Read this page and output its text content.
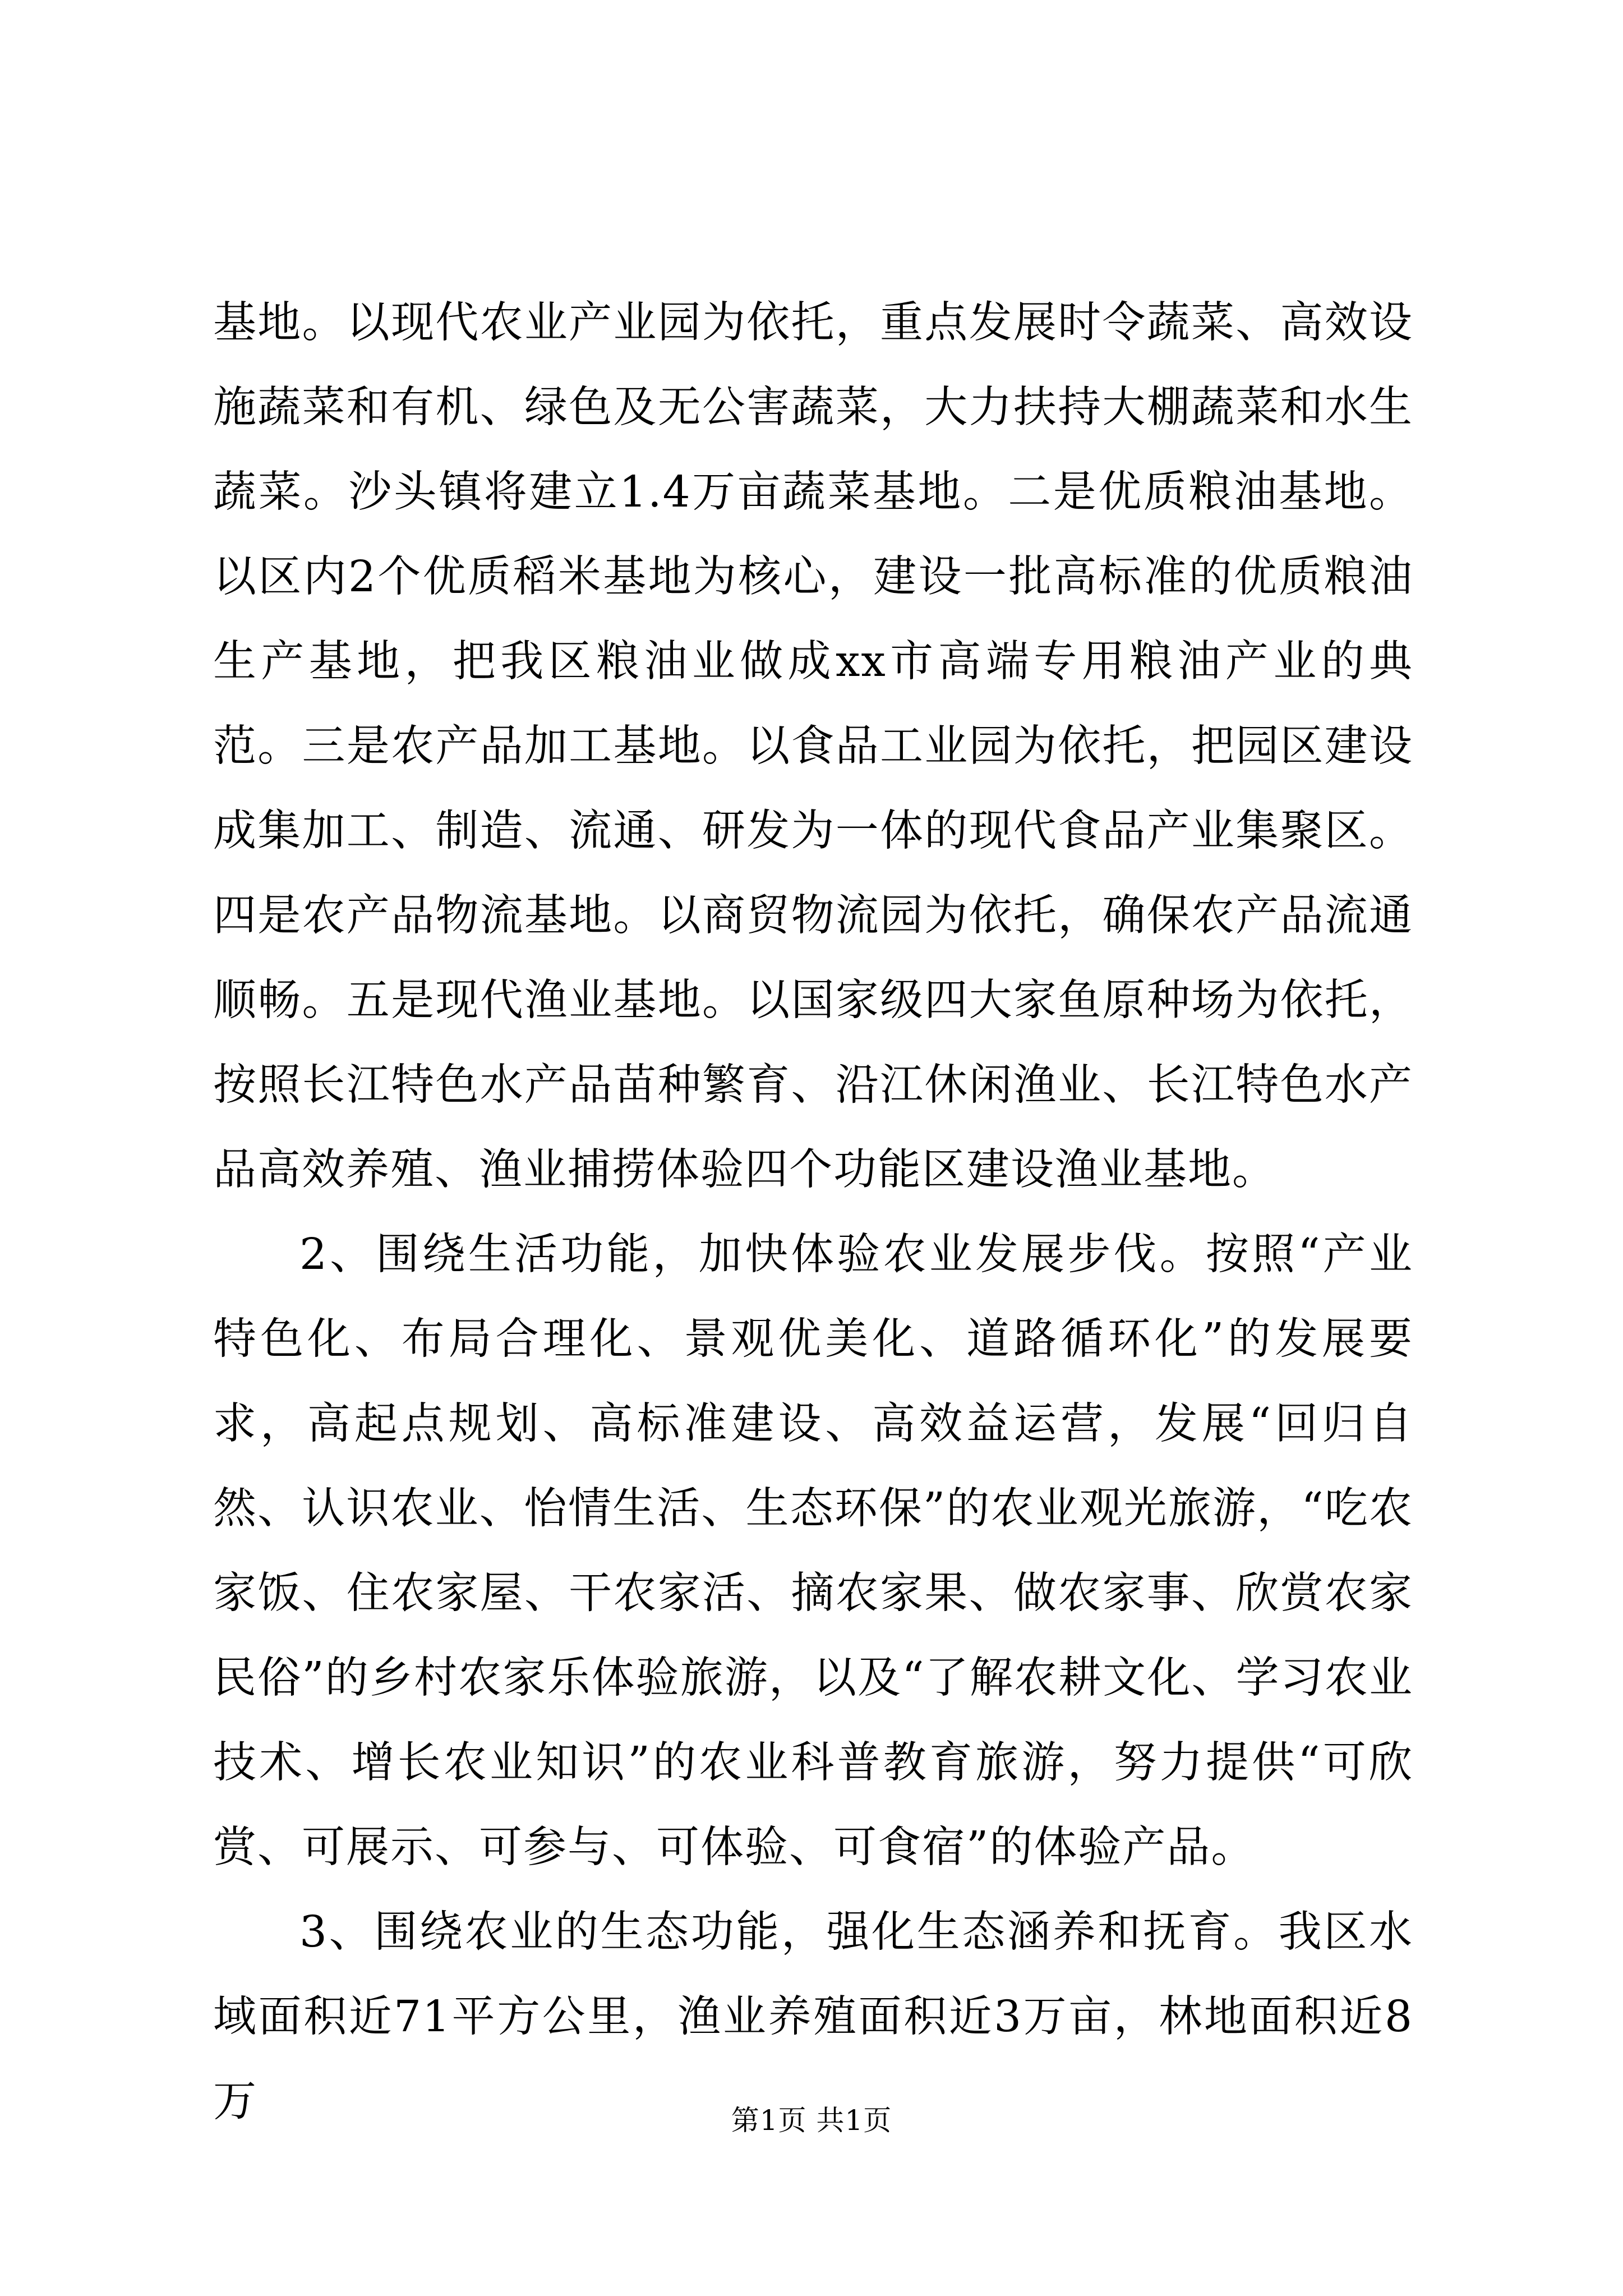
基地。以现代农业产业园为依托，重点发展时令蔬菜、高效设施蔬菜和有机、绿色及无公害蔬菜，大力扶持大棚蔬菜和水生蔬菜。沙头镇将建立1.4万亩蔬菜基地。二是优质粮油基地。以区内2个优质稻米基地为核心，建设一批高标准的优质粮油生产基地，把我区粮油业做成xx市高端专用粮油产业的典范。三是农产品加工基地。以食品工业园为依托，把园区建设成集加工、制造、流通、研发为一体的现代食品产业集聚区。四是农产品物流基地。以商贸物流园为依托，确保农产品流通顺畅。五是现代渔业基地。以国家级四大家鱼原种场为依托，按照长江特色水产品苗种繁育、沿江休闲渔业、长江特色水产品高效养殖、渔业捕捞体验四个功能区建设渔业基地。

2、围绕生活功能，加快体验农业发展步伐。按照“产业特色化、布局合理化、景观优美化、道路循环化”的发展要求，高起点规划、高标准建设、高效益运营，发展“回归自然、认识农业、怡情生活、生态环保”的农业观光旅游，“吃农家饭、住农家屋、干农家活、摘农家果、做农家事、欣赏农家民俗”的乡村农家乐体验旅游，以及“了解农耕文化、学习农业技术、增长农业知识”的农业科普教育旅游，努力提供“可欣赏、可展示、可参与、可体验、可食宿”的体验产品。

3、围绕农业的生态功能，强化生态涵养和抚育。我区水域面积近71平方公里，渔业养殖面积近3万亩，林地面积近8万	第1页 共1页
